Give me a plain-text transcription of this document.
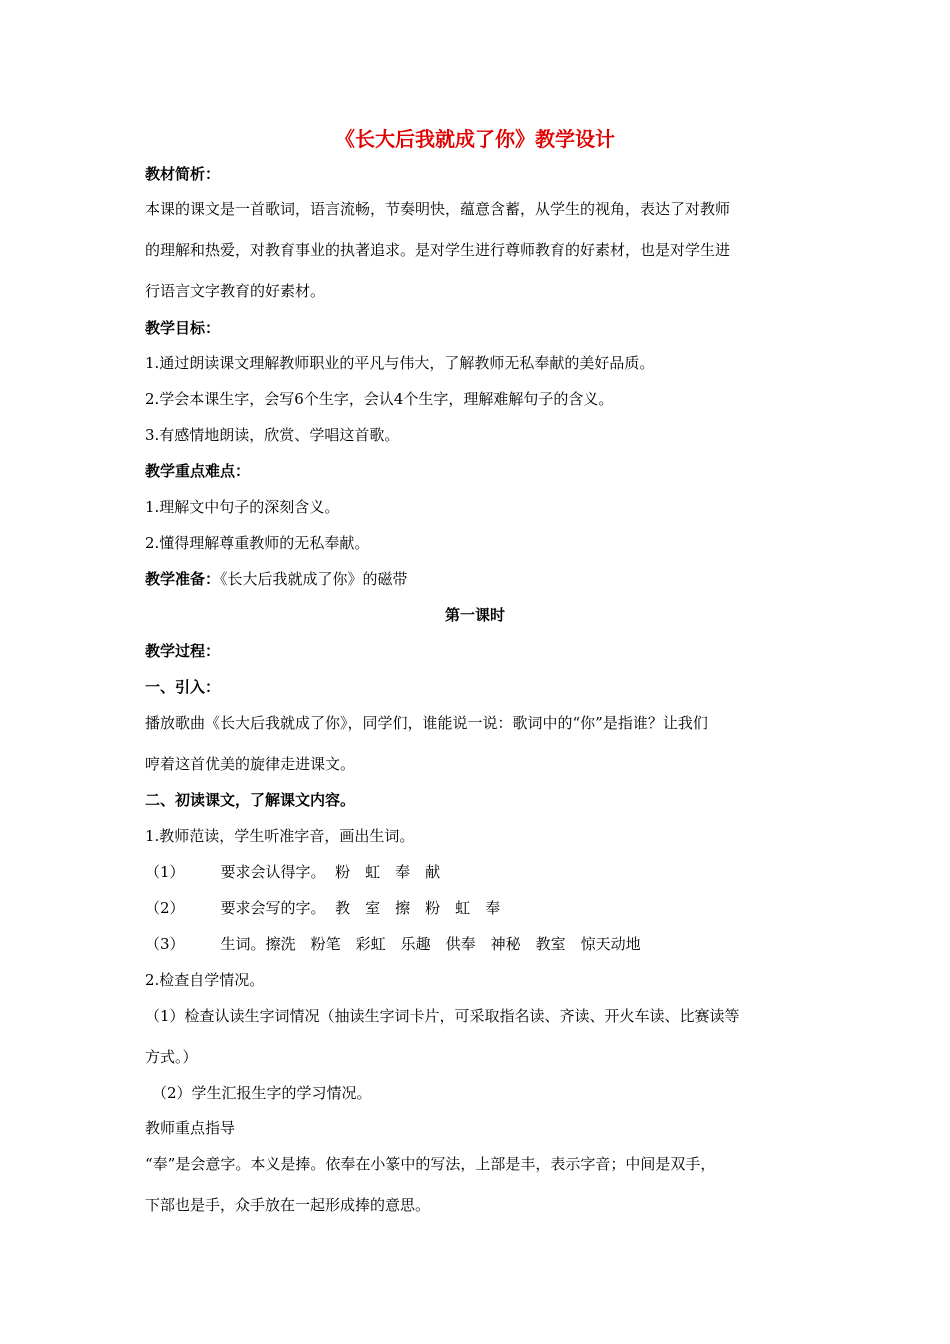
《长大后我就成了你》教学设计
教材简析：
本课的课文是一首歌词，语言流畅，节奏明快，蕴意含蓄，从学生的视角，表达了对教师
的理解和热爱，对教育事业的执著追求。是对学生进行尊师教育的好素材，也是对学生进
行语言文字教育的好素材。
教学目标：
1.通过朗读课文理解教师职业的平凡与伟大，了解教师无私奉献的美好品质。
2.学会本课生字，会写6个生字，会认4个生字，理解难解句子的含义。
3.有感情地朗读，欣赏、学唱这首歌。
教学重点难点：
1.理解文中句子的深刻含义。
2.懂得理解尊重教师的无私奉献。
教学准备：《长大后我就成了你》的磁带
第一课时
教学过程：
一、引入：
播放歌曲《长大后我就成了你》，同学们，谁能说一说：歌词中的“你”是指谁？让我们
哼着这首优美的旋律走进课文。
二、初读课文，了解课文内容。
1.教师范读，学生听准字音，画出生词。
（1） 要求会认得字。 粉  虹  奉  献
（2） 要求会写的字。 教  室  擦  粉  虹  奉
（3） 生词。擦洗  粉笔  彩虹  乐趣  供奉  神秘  教室  惊天动地
2.检查自学情况。
（1）检查认读生字词情况（抽读生字词卡片，可采取指名读、齐读、开火车读、比赛读等
方式。）
（2）学生汇报生字的学习情况。
教师重点指导
“奉”是会意字。本义是捧。依奉在小篆中的写法，上部是丰，表示字音；中间是双手，
下部也是手，众手放在一起形成捧的意思。
